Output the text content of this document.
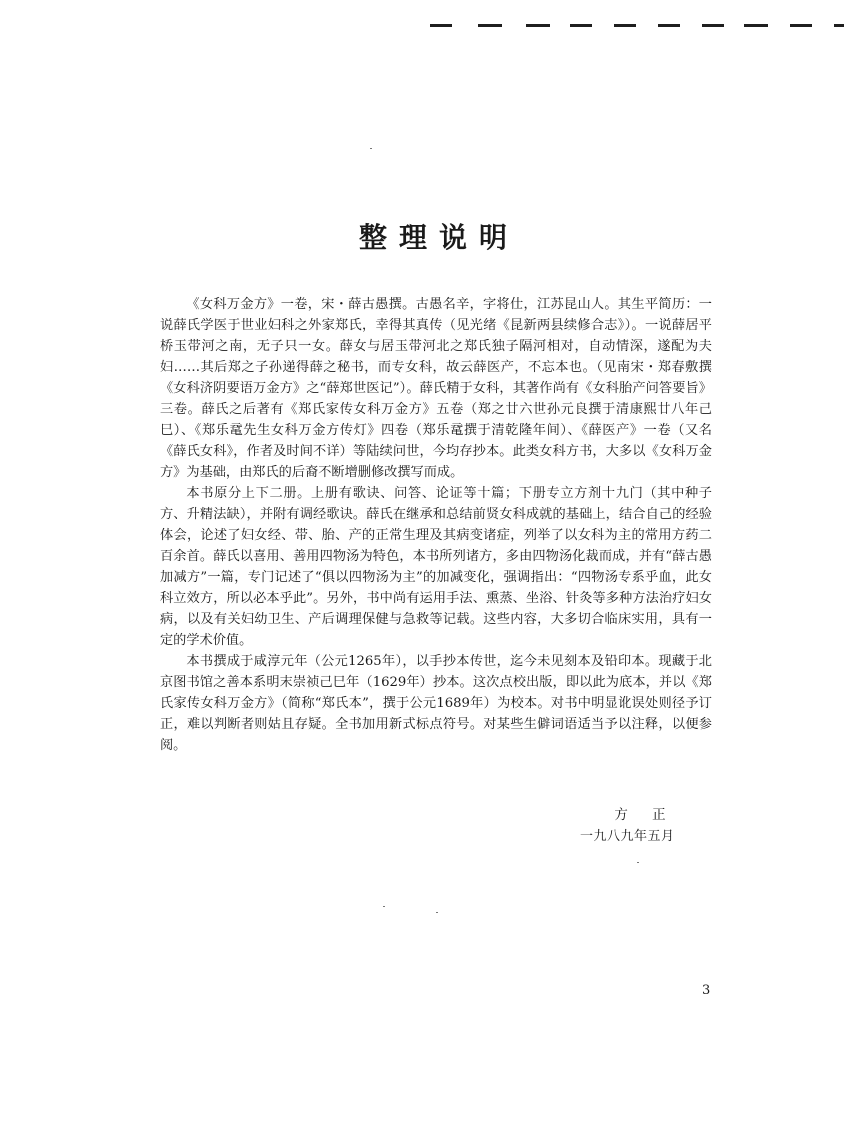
整理说明

《女科万金方》一卷，宋・薛古愚撰。古愚名辛，字将仕，江苏昆山人。其生平简历：一说薛氏学医于世业妇科之外家郑氏，幸得其真传（见光绪《昆新两县续修合志》）。一说薛居平桥玉带河之南，无子只一女。薛女与居玉带河北之郑氏独子隔河相对，自动情深，遂配为夫妇……其后郑之子孙递得薛之秘书，而专女科，故云薛医产，不忘本也。（见南宋・郑春敷撰《女科济阴要语万金方》之“薛郑世医记”）。薛氏精于女科，其著作尚有《女科胎产问答要旨》三卷。薛氏之后著有《郑氏家传女科万金方》五卷（郑之廿六世孙元良撰于清康熙廿八年己巳）、《郑乐鼋先生女科万金方传灯》四卷（郑乐鼋撰于清乾隆年间）、《薛医产》一卷（又名《薛氏女科》，作者及时间不详）等陆续问世，今均存抄本。此类女科方书，大多以《女科万金方》为基础，由郑氏的后裔不断增删修改撰写而成。

本书原分上下二册。上册有歌诀、问答、论证等十篇；下册专立方剂十九门（其中种子方、升精法缺），并附有调经歌诀。薛氏在继承和总结前贤女科成就的基础上，结合自己的经验体会，论述了妇女经、带、胎、产的正常生理及其病变诸症，列举了以女科为主的常用方药二百余首。薛氏以喜用、善用四物汤为特色，本书所列诸方，多由四物汤化裁而成，并有“薛古愚加减方”一篇，专门记述了“俱以四物汤为主”的加减变化，强调指出：“四物汤专系乎血，此女科立效方，所以必本乎此”。另外，书中尚有运用手法、熏蒸、坐浴、针灸等多种方法治疗妇女病，以及有关妇幼卫生、产后调理保健与急救等记载。这些内容，大多切合临床实用，具有一定的学术价值。

本书撰成于咸淳元年（公元1265年），以手抄本传世，迄今未见刻本及铅印本。现藏于北京图书馆之善本系明末崇祯己巳年（1629年）抄本。这次点校出版，即以此为底本，并以《郑氏家传女科万金方》（简称“郑氏本”，撰于公元1689年）为校本。对书中明显讹误处则径予订正，难以判断者则姑且存疑。全书加用新式标点符号。对某些生僻词语适当予以注释，以便参阅。

方 正
一九八九年五月
3
